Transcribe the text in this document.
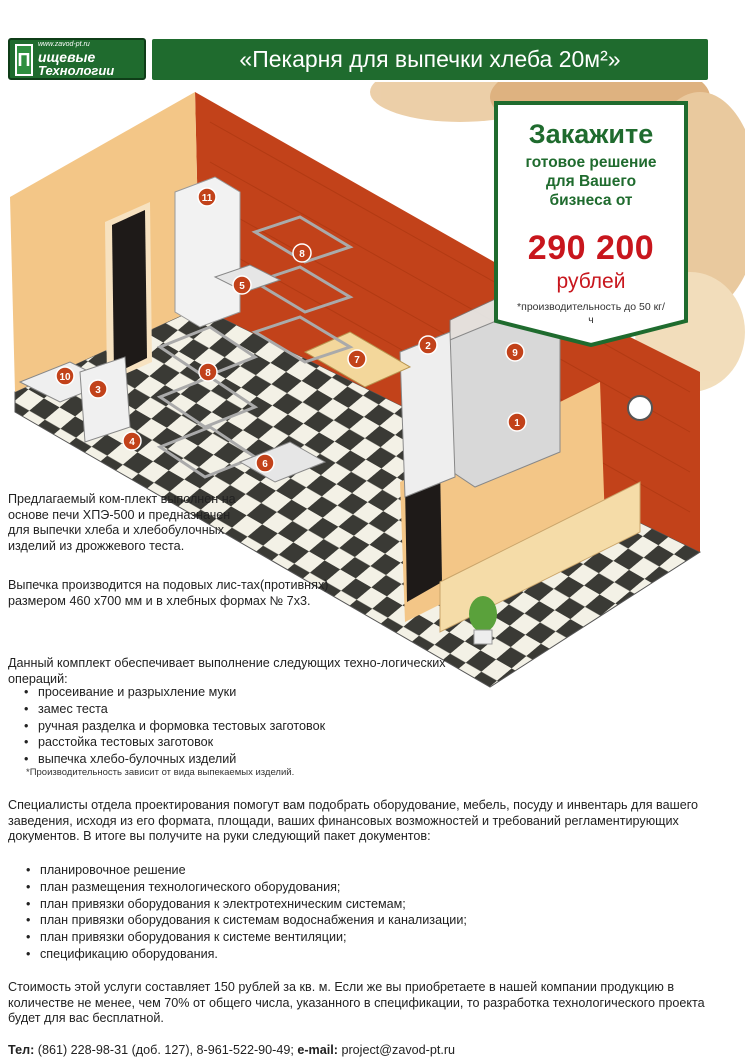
www.zavod-pt.ru
П ищевые
Технологии	«Пекарня для выпечки хлеба 20м²»
11
8
5
7
2
9
1
10
3
8
4
6
Закажите
готовое решение для Вашего бизнеса от
290 200
рублей
*производительность до 50 кг/ч
Предлагаемый ком-плект выполнен на основе печи ХПЭ-500 и предназначен для выпечки хлеба и хлебобулочных изделий из дрожжевого теста.
Выпечка производится на подовых лис-тах(противнях) размером 460 х700 мм и в хлебных формах № 7х3.
Данный комплект обеспечивает выполнение следующих техно-логических операций:
• просеивание и разрыхление муки
• замес теста
• ручная разделка и формовка тестовых заготовок
• расстойка тестовых заготовок
• выпечка хлебо-булочных изделий
*Производительность зависит от вида выпекаемых изделий.
Специалисты отдела проектирования помогут вам подобрать оборудование, мебель, посуду и инвентарь для вашего заведения, исходя из его формата, площади, ваших финансовых возможностей и требований регламентирующих документов. В итоге вы получите на руки следующий пакет документов:
• планировочное решение
• план размещения технологического оборудования;
• план привязки оборудования к электротехническим системам;
• план привязки оборудования к системам водоснабжения и канализации;
• план привязки оборудования к системе вентиляции;
• спецификацию оборудования.
Стоимость этой услуги составляет 150 рублей за кв. м. Если же вы приобретаете в нашей компании продукцию в количестве не менее, чем 70% от общего числа, указанного в спецификации, то разработка технологического проекта будет для вас бесплатной.
Тел: (861) 228-98-31 (доб. 127), 8-961-522-90-49; e-mail: project@zavod-pt.ru
